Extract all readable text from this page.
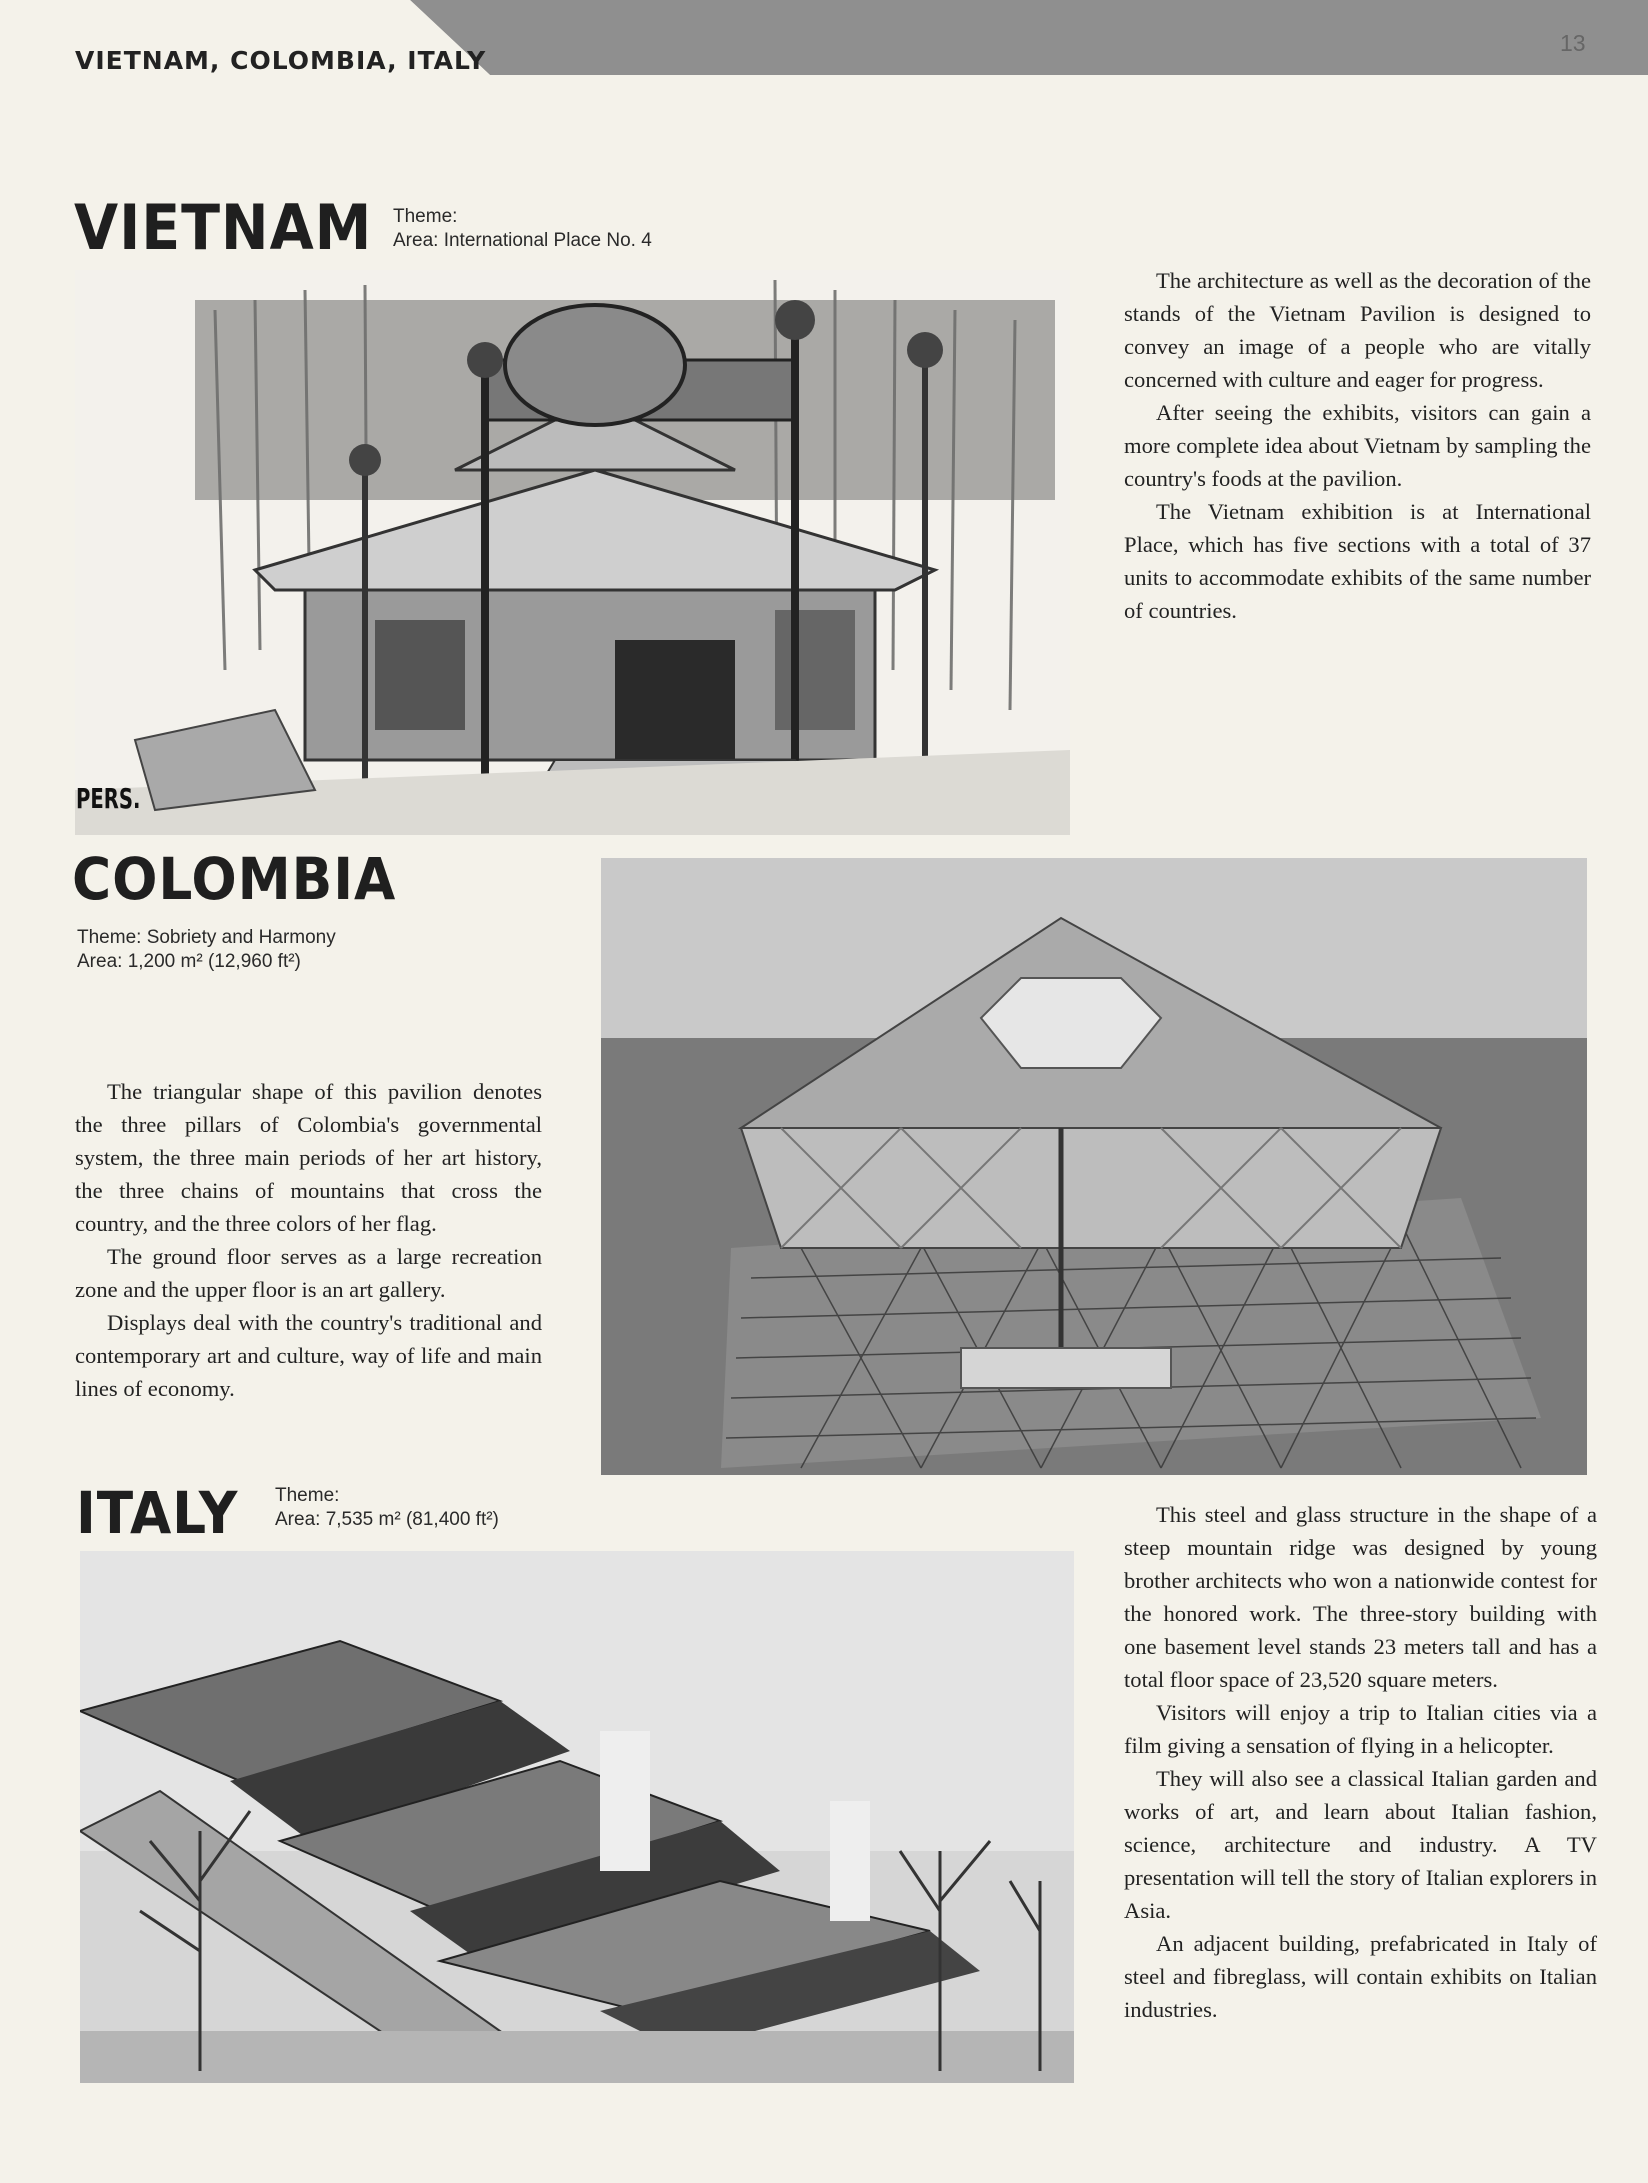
VIETNAM, COLOMBIA, ITALY
13
VIETNAM Theme:
Area: International Place No. 4
PERS.

The architecture as well as the decoration of the stands of the Vietnam Pavilion is designed to convey an image of a people who are vitally concerned with culture and eager for progress.

After seeing the exhibits, visitors can gain a more complete idea about Vietnam by sampling the country's foods at the pavilion.

The Vietnam exhibition is at International Place, which has five sections with a total of 37 units to accommodate exhibits of the same number of countries.

COLOMBIA
Theme: Sobriety and Harmony
Area: 1,200 m² (12,960 ft²)

The triangular shape of this pavilion denotes the three pillars of Colombia's governmental system, the three main periods of her art history, the three chains of mountains that cross the country, and the three colors of her flag.

The ground floor serves as a large recreation zone and the upper floor is an art gallery.

Displays deal with the country's traditional and contemporary art and culture, way of life and main lines of economy.

ITALY Theme:
Area: 7,535 m² (81,400 ft²)	This steel and glass structure in the shape of a steep mountain ridge was designed by young brother architects who won a nationwide contest for the honored work. The three-story building with one basement level stands 23 meters tall and has a total floor space of 23,520 square meters.

Visitors will enjoy a trip to Italian cities via a film giving a sensation of flying in a helicopter.

They will also see a classical Italian garden and works of art, and learn about Italian fashion, science, architecture and industry. A TV presentation will tell the story of Italian explorers in Asia.

An adjacent building, prefabricated in Italy of steel and fibreglass, will contain exhibits on Italian industries.
